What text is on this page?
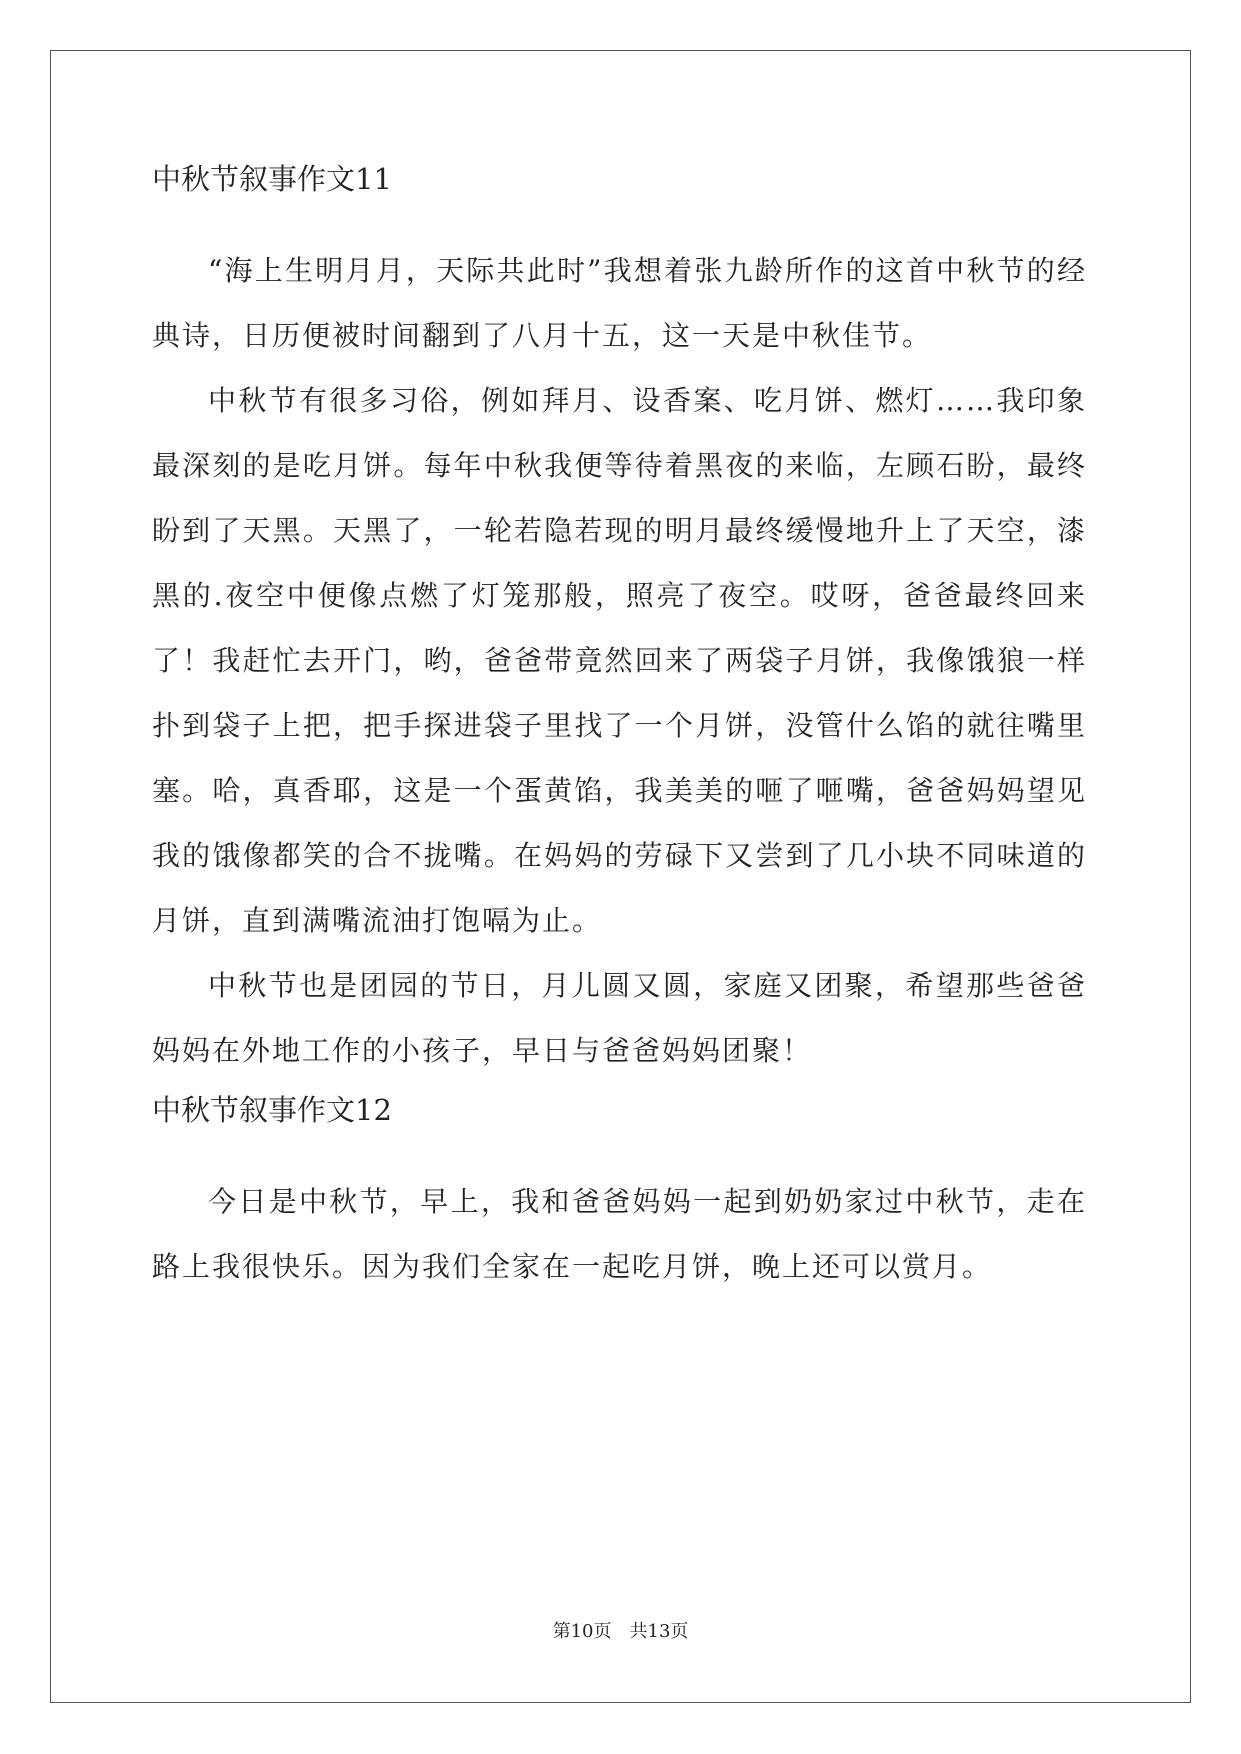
中秋节叙事作文11

“海上生明月月，天际共此时”我想着张九龄所作的这首中秋节的经典诗，日历便被时间翻到了八月十五，这一天是中秋佳节。

中秋节有很多习俗，例如拜月、设香案、吃月饼、燃灯……我印象最深刻的是吃月饼。每年中秋我便等待着黑夜的来临，左顾石盼，最终盼到了天黑。天黑了，一轮若隐若现的明月最终缓慢地升上了天空，漆黑的.夜空中便像点燃了灯笼那般，照亮了夜空。哎呀，爸爸最终回来了！我赶忙去开门，哟，爸爸带竟然回来了两袋子月饼，我像饿狼一样扑到袋子上把，把手探进袋子里找了一个月饼，没管什么馅的就往嘴里塞。哈，真香耶，这是一个蛋黄馅，我美美的咂了咂嘴，爸爸妈妈望见我的饿像都笑的合不拢嘴。在妈妈的劳碌下又尝到了几小块不同味道的月饼，直到满嘴流油打饱嗝为止。

中秋节也是团园的节日，月儿圆又圆，家庭又团聚，希望那些爸爸妈妈在外地工作的小孩子，早日与爸爸妈妈团聚！

中秋节叙事作文12

今日是中秋节，早上，我和爸爸妈妈一起到奶奶家过中秋节，走在路上我很快乐。因为我们全家在一起吃月饼，晚上还可以赏月。

第10页 共13页
